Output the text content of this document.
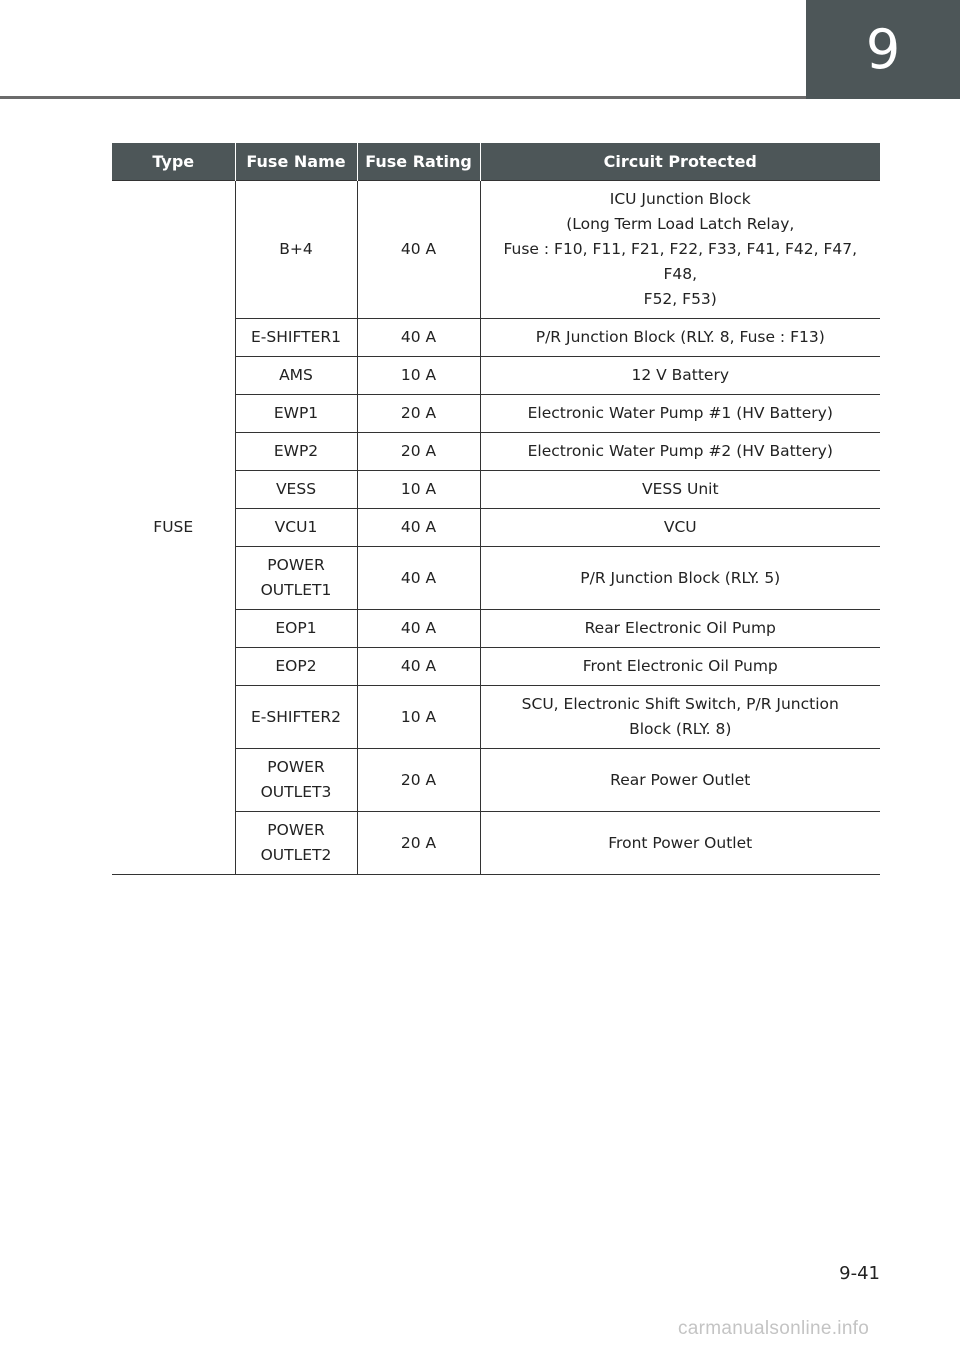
9
Type	Fuse Name	Fuse Rating	Circuit Protected
FUSE	B+4	40 A	ICU Junction Block
(Long Term Load Latch Relay,
Fuse : F10, F11, F21, F22, F33, F41, F42, F47, F48,
F52, F53)
	E-SHIFTER1	40 A	P/R Junction Block (RLY. 8, Fuse : F13)
	AMS	10 A	12 V Battery
	EWP1	20 A	Electronic Water Pump #1 (HV Battery)
	EWP2	20 A	Electronic Water Pump #2 (HV Battery)
	VESS	10 A	VESS Unit
	VCU1	40 A	VCU
	POWER
OUTLET1	40 A	P/R Junction Block (RLY. 5)
	EOP1	40 A	Rear Electronic Oil Pump
	EOP2	40 A	Front Electronic Oil Pump
	E-SHIFTER2	10 A	SCU, Electronic Shift Switch, P/R Junction
Block (RLY. 8)
	POWER
OUTLET3	20 A	Rear Power Outlet
	POWER
OUTLET2	20 A	Front Power Outlet
9-41
carmanualsonline.info
